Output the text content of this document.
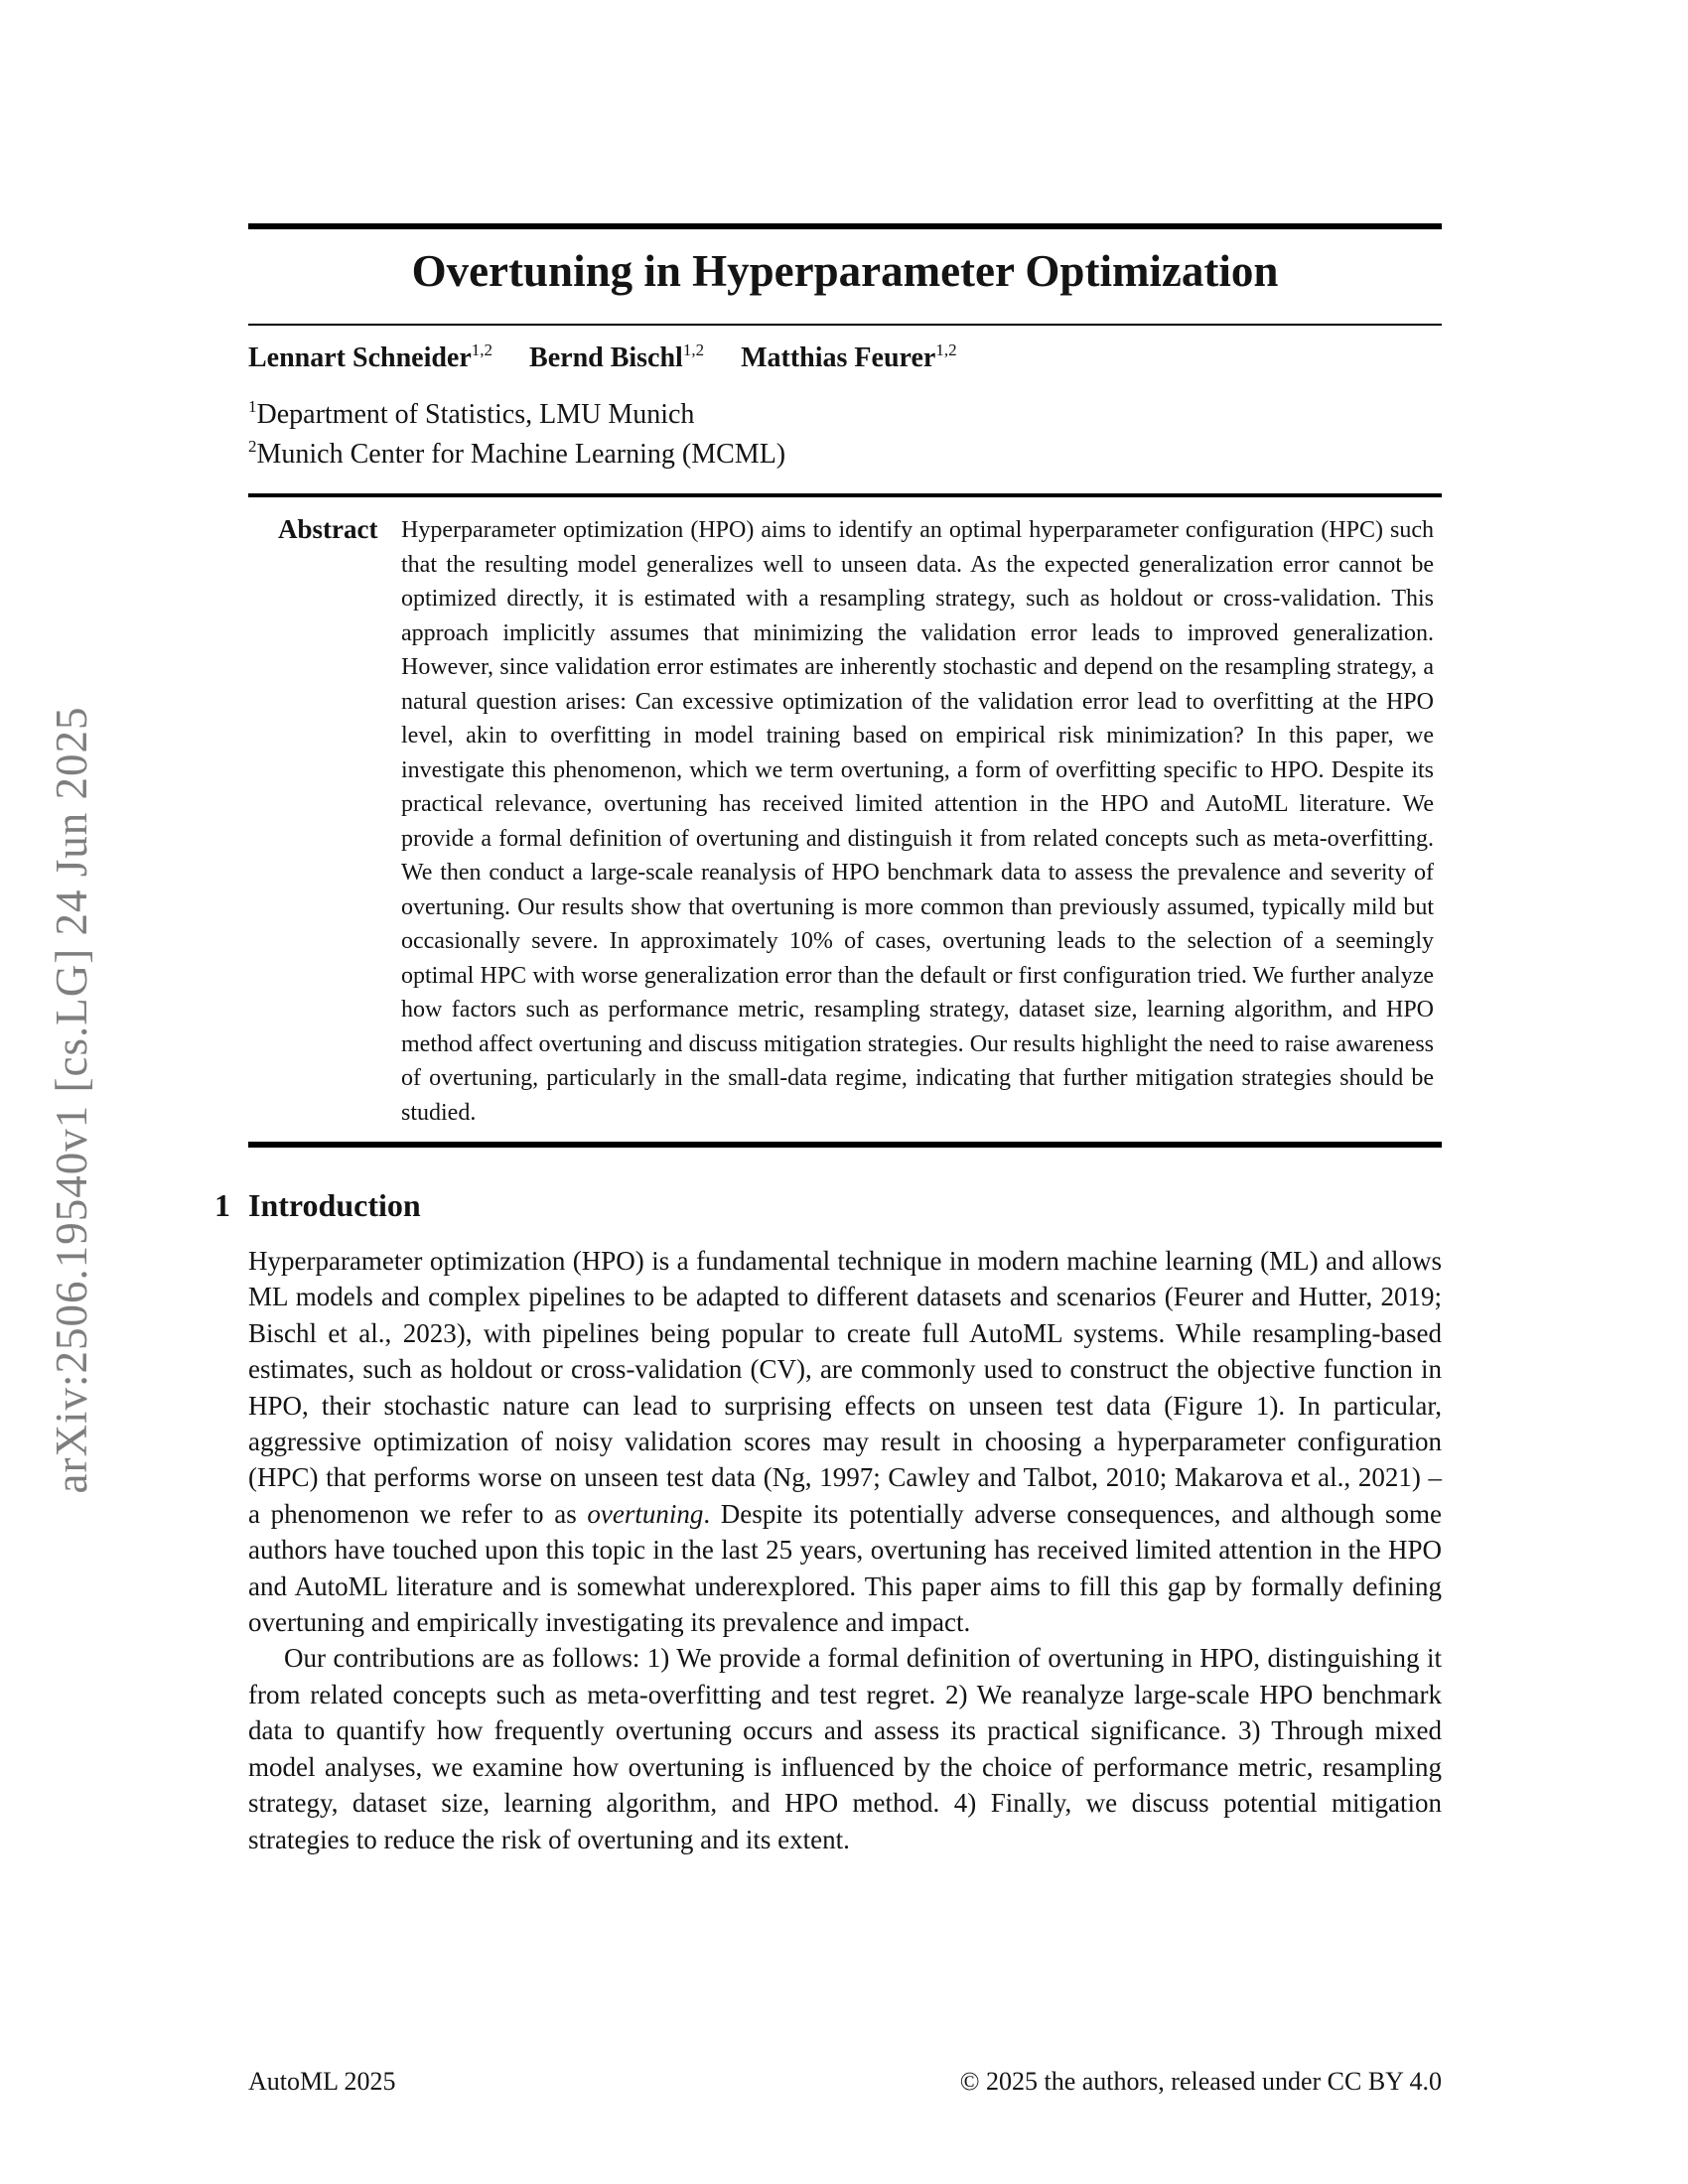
arXiv:2506.19540v1 [cs.LG] 24 Jun 2025
Overtuning in Hyperparameter Optimization
Lennart Schneider$^{1,2}$ Bernd Bischl$^{1,2}$ Matthias Feurer$^{1,2}$
$^1$Department of Statistics, LMU Munich
$^2$Munich Center for Machine Learning (MCML)
Abstract Hyperparameter optimization (HPO) aims to identify an optimal hyperparameter configuration (HPC) such that the resulting model generalizes well to unseen data. As the expected generalization error cannot be optimized directly, it is estimated with a resampling strategy, such as holdout or cross-validation. This approach implicitly assumes that minimizing the validation error leads to improved generalization. However, since validation error estimates are inherently stochastic and depend on the resampling strategy, a natural question arises: Can excessive optimization of the validation error lead to overfitting at the HPO level, akin to overfitting in model training based on empirical risk minimization? In this paper, we investigate this phenomenon, which we term overtuning, a form of overfitting specific to HPO. Despite its practical relevance, overtuning has received limited attention in the HPO and AutoML literature. We provide a formal definition of overtuning and distinguish it from related concepts such as meta-overfitting. We then conduct a large-scale reanalysis of HPO benchmark data to assess the prevalence and severity of overtuning. Our results show that overtuning is more common than previously assumed, typically mild but occasionally severe. In approximately 10% of cases, overtuning leads to the selection of a seemingly optimal HPC with worse generalization error than the default or first configuration tried. We further analyze how factors such as performance metric, resampling strategy, dataset size, learning algorithm, and HPO method affect overtuning and discuss mitigation strategies. Our results highlight the need to raise awareness of overtuning, particularly in the small-data regime, indicating that further mitigation strategies should be studied.
1 Introduction

Hyperparameter optimization (HPO) is a fundamental technique in modern machine learning (ML) and allows ML models and complex pipelines to be adapted to different datasets and scenarios (Feurer and Hutter, 2019; Bischl et al., 2023), with pipelines being popular to create full AutoML systems. While resampling-based estimates, such as holdout or cross-validation (CV), are commonly used to construct the objective function in HPO, their stochastic nature can lead to surprising effects on unseen test data (Figure 1). In particular, aggressive optimization of noisy validation scores may result in choosing a hyperparameter configuration (HPC) that performs worse on unseen test data (Ng, 1997; Cawley and Talbot, 2010; Makarova et al., 2021) – a phenomenon we refer to as overtuning. Despite its potentially adverse consequences, and although some authors have touched upon this topic in the last 25 years, overtuning has received limited attention in the HPO and AutoML literature and is somewhat underexplored. This paper aims to fill this gap by formally defining overtuning and empirically investigating its prevalence and impact.

Our contributions are as follows: 1) We provide a formal definition of overtuning in HPO, distinguishing it from related concepts such as meta-overfitting and test regret. 2) We reanalyze large-scale HPO benchmark data to quantify how frequently overtuning occurs and assess its practical significance. 3) Through mixed model analyses, we examine how overtuning is influenced by the choice of performance metric, resampling strategy, dataset size, learning algorithm, and HPO method. 4) Finally, we discuss potential mitigation strategies to reduce the risk of overtuning and its extent.

AutoML 2025	© 2025 the authors, released under CC BY 4.0
